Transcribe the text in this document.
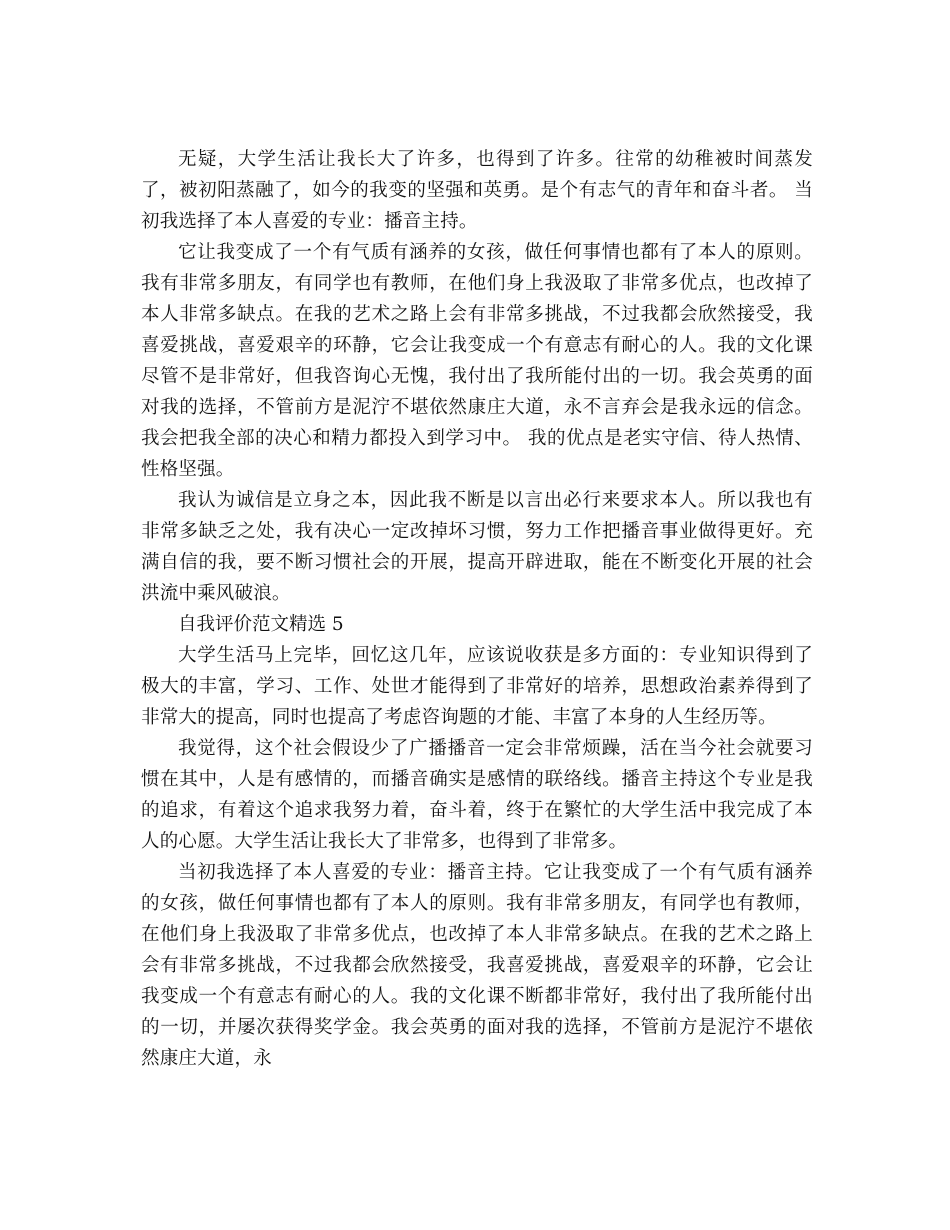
无疑，大学生活让我长大了许多，也得到了许多。往常的幼稚被时间蒸发了，被初阳蒸融了，如今的我变的坚强和英勇。是个有志气的青年和奋斗者。 当初我选择了本人喜爱的专业：播音主持。

它让我变成了一个有气质有涵养的女孩，做任何事情也都有了本人的原则。我有非常多朋友，有同学也有教师，在他们身上我汲取了非常多优点，也改掉了本人非常多缺点。在我的艺术之路上会有非常多挑战，不过我都会欣然接受，我喜爱挑战，喜爱艰辛的环静，它会让我变成一个有意志有耐心的人。我的文化课尽管不是非常好，但我咨询心无愧，我付出了我所能付出的一切。我会英勇的面对我的选择，不管前方是泥泞不堪依然康庄大道，永不言弃会是我永远的信念。我会把我全部的决心和精力都投入到学习中。 我的优点是老实守信、待人热情、性格坚强。

我认为诚信是立身之本，因此我不断是以言出必行来要求本人。所以我也有非常多缺乏之处，我有决心一定改掉坏习惯，努力工作把播音事业做得更好。充满自信的我，要不断习惯社会的开展，提高开辟进取，能在不断变化开展的社会洪流中乘风破浪。

自我评价范文精选 5

大学生活马上完毕，回忆这几年，应该说收获是多方面的：专业知识得到了极大的丰富，学习、工作、处世才能得到了非常好的培养，思想政治素养得到了非常大的提高，同时也提高了考虑咨询题的才能、丰富了本身的人生经历等。

我觉得，这个社会假设少了广播播音一定会非常烦躁，活在当今社会就要习惯在其中，人是有感情的，而播音确实是感情的联络线。播音主持这个专业是我的追求，有着这个追求我努力着，奋斗着，终于在繁忙的大学生活中我完成了本人的心愿。大学生活让我长大了非常多，也得到了非常多。

当初我选择了本人喜爱的专业：播音主持。它让我变成了一个有气质有涵养的女孩，做任何事情也都有了本人的原则。我有非常多朋友，有同学也有教师，在他们身上我汲取了非常多优点，也改掉了本人非常多缺点。在我的艺术之路上会有非常多挑战，不过我都会欣然接受，我喜爱挑战，喜爱艰辛的环静，它会让我变成一个有意志有耐心的人。我的文化课不断都非常好，我付出了我所能付出的一切，并屡次获得奖学金。我会英勇的面对我的选择，不管前方是泥泞不堪依然康庄大道，永
